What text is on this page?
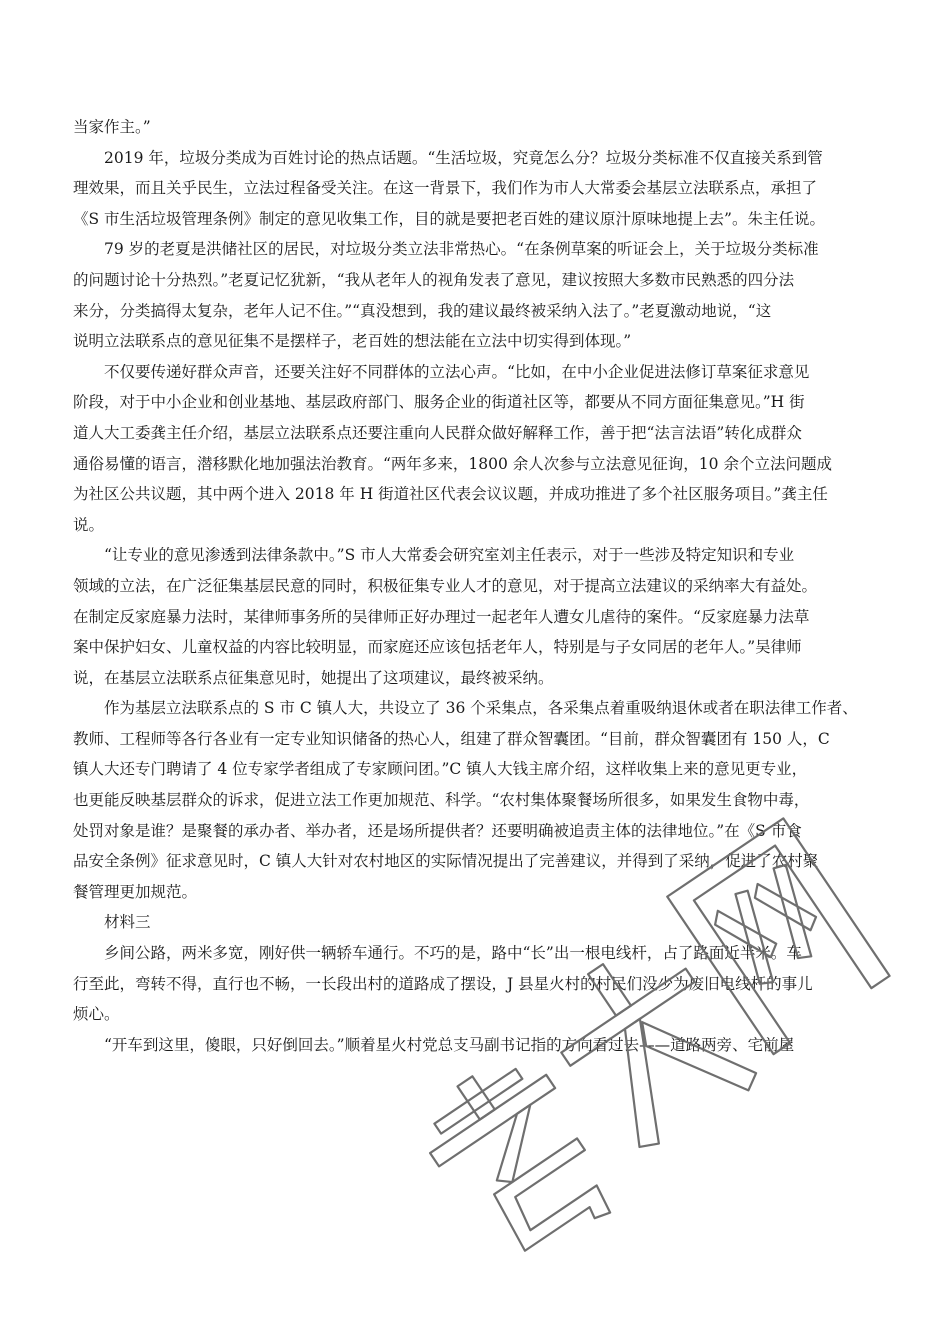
当家作主。”
2019 年，垃圾分类成为百姓讨论的热点话题。“生活垃圾，究竟怎么分？垃圾分类标准不仅直接关系到管
理效果，而且关乎民生，立法过程备受关注。在这一背景下，我们作为市人大常委会基层立法联系点，承担了
《S 市生活垃圾管理条例》制定的意见收集工作，目的就是要把老百姓的建议原汁原味地提上去”。朱主任说。
79 岁的老夏是洪储社区的居民，对垃圾分类立法非常热心。“在条例草案的听证会上，关于垃圾分类标准
的问题讨论十分热烈。”老夏记忆犹新，“我从老年人的视角发表了意见，建议按照大多数市民熟悉的四分法
来分，分类搞得太复杂，老年人记不住。”“真没想到，我的建议最终被采纳入法了。”老夏激动地说，“这
说明立法联系点的意见征集不是摆样子，老百姓的想法能在立法中切实得到体现。”
不仅要传递好群众声音，还要关注好不同群体的立法心声。“比如，在中小企业促进法修订草案征求意见
阶段，对于中小企业和创业基地、基层政府部门、服务企业的街道社区等，都要从不同方面征集意见。”H 街
道人大工委龚主任介绍，基层立法联系点还要注重向人民群众做好解释工作，善于把“法言法语”转化成群众
通俗易懂的语言，潜移默化地加强法治教育。“两年多来，1800 余人次参与立法意见征询，10 余个立法问题成
为社区公共议题，其中两个进入 2018 年 H 街道社区代表会议议题，并成功推进了多个社区服务项目。”龚主任
说。
“让专业的意见渗透到法律条款中。”S 市人大常委会研究室刘主任表示，对于一些涉及特定知识和专业
领域的立法，在广泛征集基层民意的同时，积极征集专业人才的意见，对于提高立法建议的采纳率大有益处。
在制定反家庭暴力法时，某律师事务所的吴律师正好办理过一起老年人遭女儿虐待的案件。“反家庭暴力法草
案中保护妇女、儿童权益的内容比较明显，而家庭还应该包括老年人，特别是与子女同居的老年人。”吴律师
说，在基层立法联系点征集意见时，她提出了这项建议，最终被采纳。
作为基层立法联系点的 S 市 C 镇人大，共设立了 36 个采集点，各采集点着重吸纳退休或者在职法律工作者、
教师、工程师等各行各业有一定专业知识储备的热心人，组建了群众智囊团。“目前，群众智囊团有 150 人，C
镇人大还专门聘请了 4 位专家学者组成了专家顾问团。”C 镇人大钱主席介绍，这样收集上来的意见更专业，
也更能反映基层群众的诉求，促进立法工作更加规范、科学。“农村集体聚餐场所很多，如果发生食物中毒，
处罚对象是谁？是聚餐的承办者、举办者，还是场所提供者？还要明确被追责主体的法律地位。”在《S 市食
品安全条例》征求意见时，C 镇人大针对农村地区的实际情况提出了完善建议，并得到了采纳，促进了农村聚
餐管理更加规范。
材料三
乡间公路，两米多宽，刚好供一辆轿车通行。不巧的是，路中“长”出一根电线杆，占了路面近半米。车
行至此，弯转不得，直行也不畅，一长段出村的道路成了摆设，J 县星火村的村民们没少为废旧电线杆的事儿
烦心。
“开车到这里，傻眼，只好倒回去。”顺着星火村党总支马副书记指的方向看过去——道路两旁、宅前屋
